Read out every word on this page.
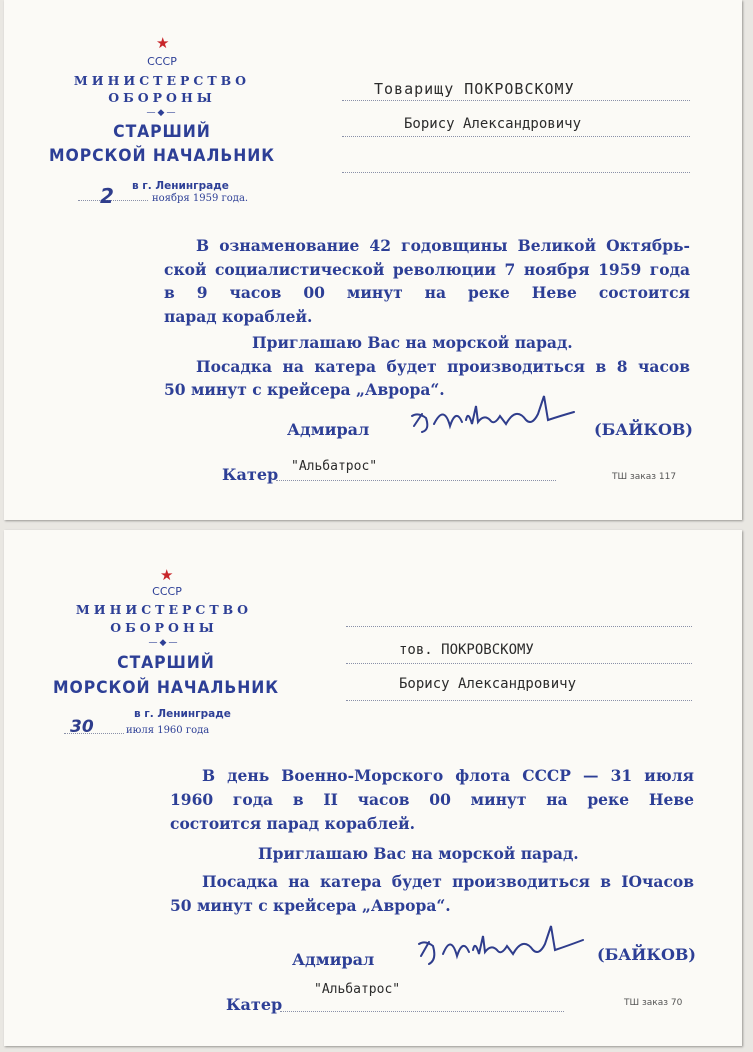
★
СССР
МИНИСТЕРСТВО
ОБОРОНЫ
—◆—
СТАРШИЙ
МОРСКОЙ НАЧАЛЬНИК
в г. Ленинграде
2	ноября 1959 года.
Товарищу ПОКРОВСКОМУ
Борису Александровичу

В ознаменование 42 годовщины Великой Октябрь-

ской социалистической революции 7 ноября 1959 года

в 9 часов 00 минут на реке Неве состоится

парад кораблей.

Приглашаю Вас на морской парад.

Посадка на катера будет производиться в 8 часов

50 минут с крейсера „Аврора“.

Адмирал	(БАЙКОВ)
Катер "Альбатрос"
ТШ заказ 117
★
СССР
МИНИСТЕРСТВО
ОБОРОНЫ
—◆—
СТАРШИЙ
МОРСКОЙ НАЧАЛЬНИК
в г. Ленинграде
30	июля 1960 года
тов. ПОКРОВСКОМУ
Борису Александровичу

В день Военно-Морского флота СССР — 31 июля

1960 года в II часов 00 минут на реке Неве

состоится парад кораблей.

Приглашаю Вас на морской парад.

Посадка на катера будет производиться в IOчасов

50 минут с крейсера „Аврора“.

Адмирал	(БАЙКОВ)
Катер
"Альбатрос"
ТШ заказ 70
